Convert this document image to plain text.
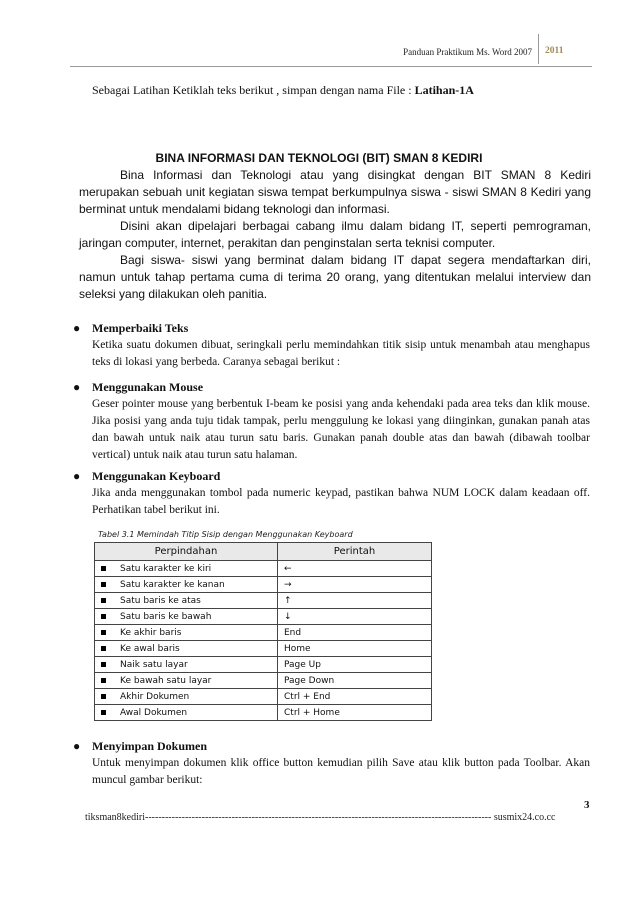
Panduan Praktikum Ms. Word 2007 2011
Sebagai Latihan Ketiklah teks berikut , simpan dengan nama File : Latihan-1A
BINA INFORMASI DAN TEKNOLOGI (BIT) SMAN 8 KEDIRI

Bina Informasi dan Teknologi atau yang disingkat dengan BIT SMAN 8 Kediri merupakan sebuah unit kegiatan siswa tempat berkumpulnya siswa - siswi SMAN 8 Kediri yang berminat untuk mendalami bidang teknologi dan informasi.

Disini akan dipelajari berbagai cabang ilmu dalam bidang IT, seperti pemrograman, jaringan computer, internet, perakitan dan penginstalan serta teknisi computer.

Bagi siswa- siswi yang berminat dalam bidang IT dapat segera mendaftarkan diri, namun untuk tahap pertama cuma di terima 20 orang, yang ditentukan melalui interview dan seleksi yang dilakukan oleh panitia.

● Memperbaiki Teks
Ketika suatu dokumen dibuat, seringkali perlu memindahkan titik sisip untuk menambah atau menghapus teks di lokasi yang berbeda. Caranya sebagai berikut :
● Menggunakan Mouse
Geser pointer mouse yang berbentuk I-beam ke posisi yang anda kehendaki pada area teks dan klik mouse. Jika posisi yang anda tuju tidak tampak, perlu menggulung ke lokasi yang diinginkan, gunakan panah atas dan bawah untuk naik atau turun satu baris. Gunakan panah double atas dan bawah (dibawah toolbar vertical) untuk naik atau turun satu halaman.
● Menggunakan Keyboard
Jika anda menggunakan tombol pada numeric keypad, pastikan bahwa NUM LOCK dalam keadaan off. Perhatikan tabel berikut ini.
Tabel 3.1 Memindah Titip Sisip dengan Menggunakan Keyboard
Perpindahan	Perintah
Satu karakter ke kiri	←
Satu karakter ke kanan	→
Satu baris ke atas	↑
Satu baris ke bawah	↓
Ke akhir baris	End
Ke awal baris	Home
Naik satu layar	Page Up
Ke bawah satu layar	Page Down
Akhir Dokumen	Ctrl + End
Awal Dokumen	Ctrl + Home
● Menyimpan Dokumen
Untuk menyimpan dokumen klik office button kemudian pilih Save atau klik button pada Toolbar. Akan muncul gambar berikut:
3
tiksman8kediri-------------------------------------------------------------------------------------------------------- susmix24.co.cc
